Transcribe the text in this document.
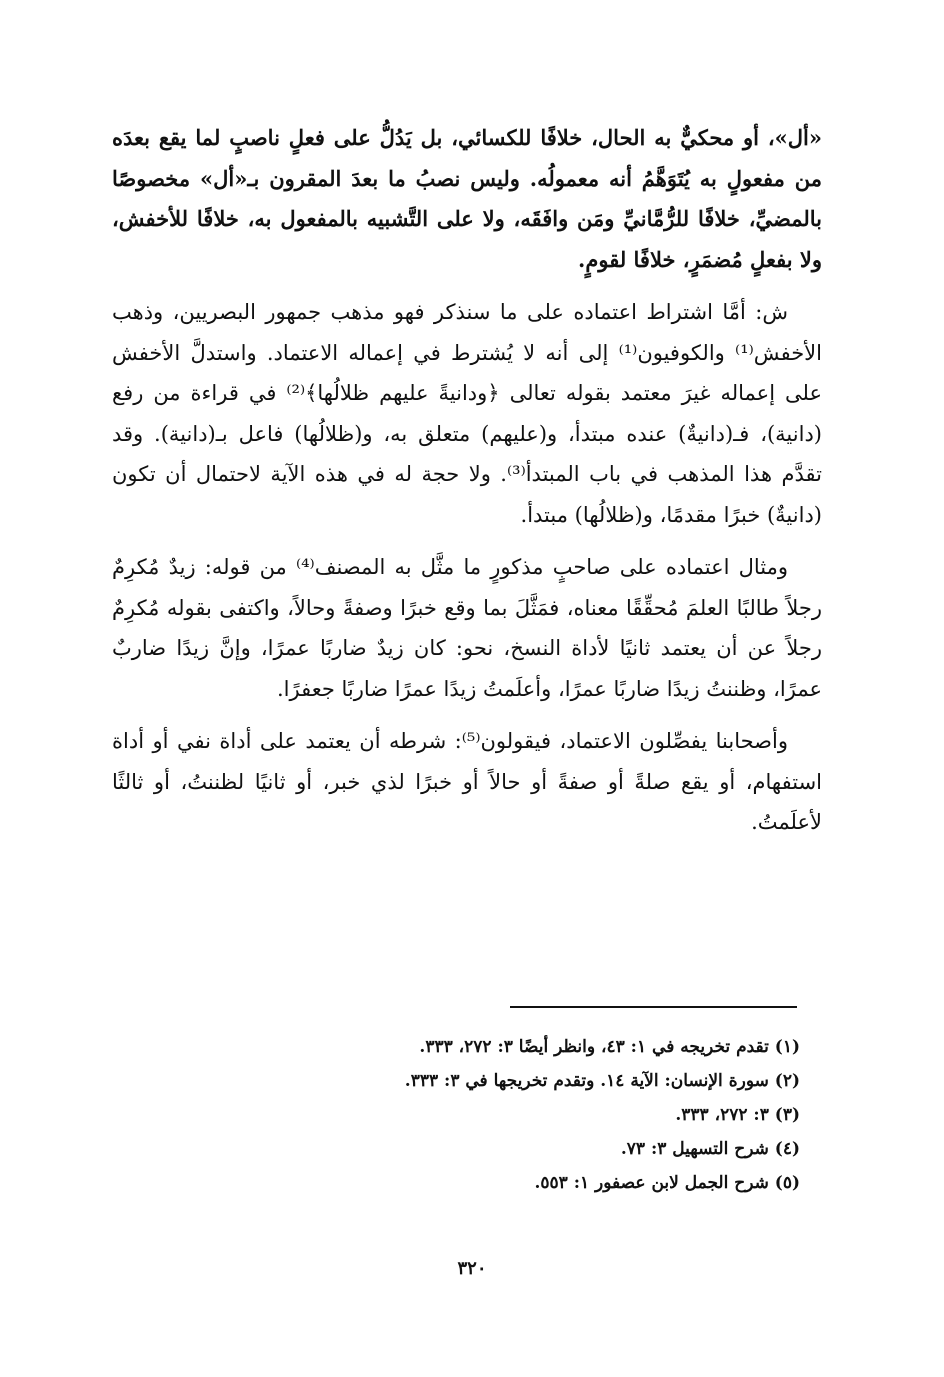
«أل»، أو محكيٌّ به الحال، خلافًا للكسائي، بل يَدُلُّ على فعلٍ ناصبٍ لما يقع بعدَه من مفعولٍ به يُتَوَهَّمُ أنه معمولُه. وليس نصبُ ما بعدَ المقرون بـ«أل» مخصوصًا بالمضيِّ، خلافًا للرُّمَّانيِّ ومَن وافَقَه، ولا على التَّشبيه بالمفعول به، خلافًا للأخفش، ولا بفعلٍ مُضمَرٍ، خلافًا لقومٍ.

ش: أمَّا اشتراط اعتماده على ما سنذكر فهو مذهب جمهور البصريين، وذهب الأخفش⁽¹⁾ والكوفيون⁽¹⁾ إلى أنه لا يُشترط في إعماله الاعتماد. واستدلَّ الأخفش على إعماله غيرَ معتمد بقوله تعالى ﴿ودانيةً عليهم ظلالُها﴾⁽²⁾ في قراءة من رفع (دانية)، فـ(دانيةٌ) عنده مبتدأ، و(عليهم) متعلق به، و(ظلالُها) فاعل بـ(دانية). وقد تقدَّم هذا المذهب في باب المبتدأ⁽³⁾. ولا حجة له في هذه الآية لاحتمال أن تكون (دانيةٌ) خبرًا مقدمًا، و(ظلالُها) مبتدأ.

ومثال اعتماده على صاحبٍ مذكورٍ ما مثَّل به المصنف⁽⁴⁾ من قوله: زيدٌ مُكرِمٌ رجلاً طالبًا العلمَ مُحقِّقًا معناه، فمَثَّلَ بما وقع خبرًا وصفةً وحالاً، واكتفى بقوله مُكرِمٌ رجلاً عن أن يعتمد ثانيًا لأداة النسخ، نحو: كان زيدٌ ضاربًا عمرًا، وإنَّ زيدًا ضاربٌ عمرًا، وظننتُ زيدًا ضاربًا عمرًا، وأعلَمتُ زيدًا عمرًا ضاربًا جعفرًا.

وأصحابنا يفصِّلون الاعتماد، فيقولون⁽⁵⁾: شرطه أن يعتمد على أداة نفي أو أداة استفهام، أو يقع صلةً أو صفةً أو حالاً أو خبرًا لذي خبر، أو ثانيًا لظننتُ، أو ثالثًا لأعلَمتُ.

(١) تقدم تخريجه في ١: ٤٣، وانظر أيضًا ٣: ٢٧٢، ٣٣٣.
(٢) سورة الإنسان: الآية ١٤. وتقدم تخريجها في ٣: ٣٣٣.
(٣) ٣: ٢٧٢، ٣٣٣.
(٤) شرح التسهيل ٣: ٧٣.
(٥) شرح الجمل لابن عصفور ١: ٥٥٣.
٣٢٠
